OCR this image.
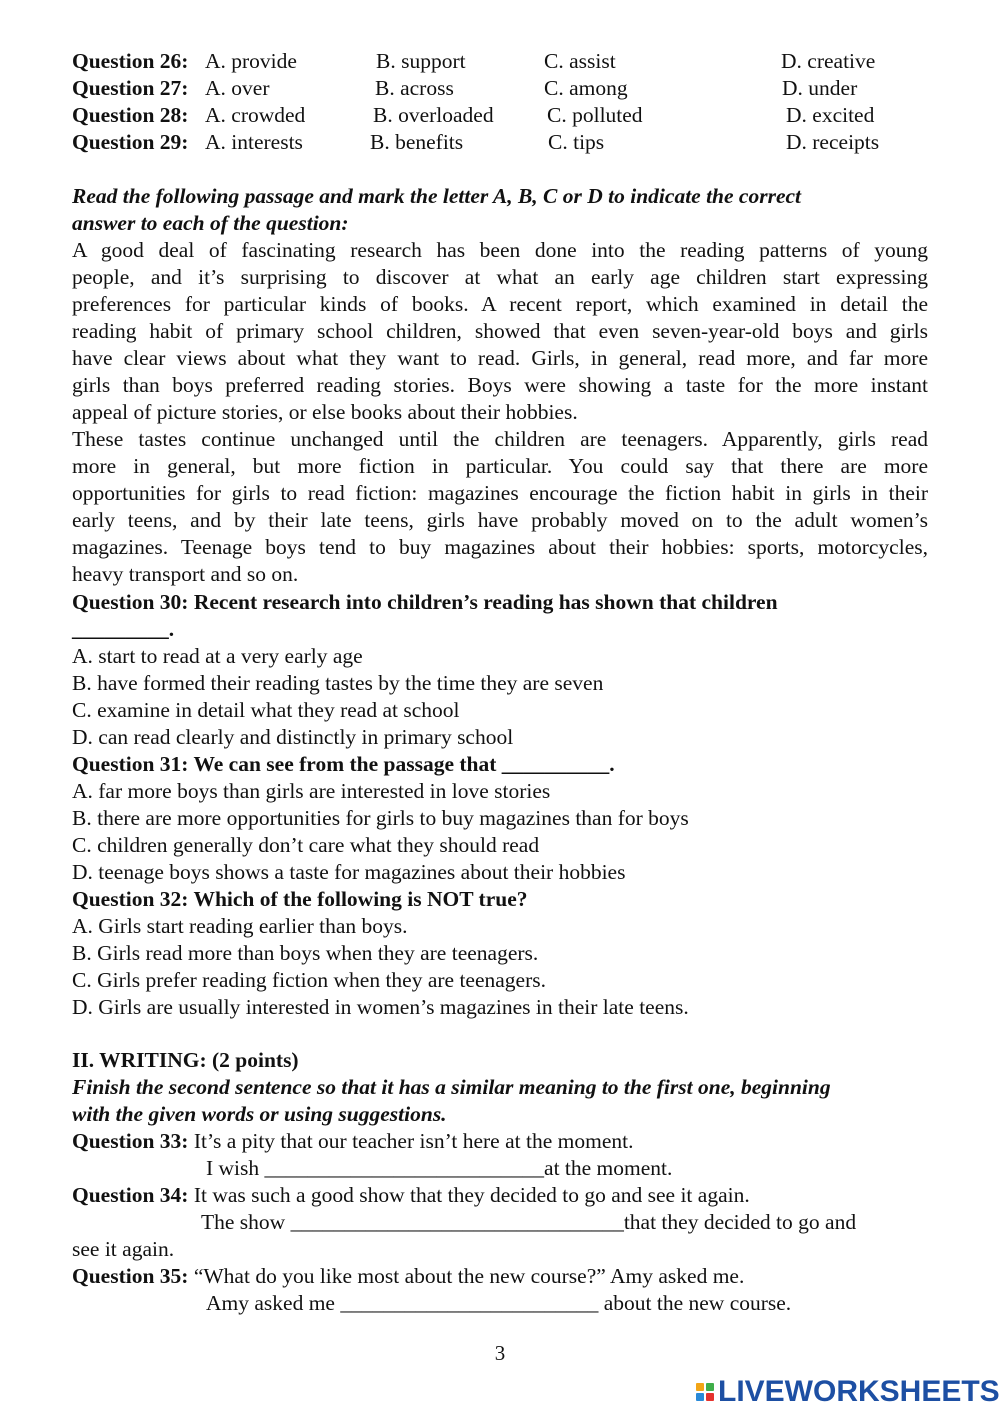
Question 26: A. provide	B. support	C. assist	D. creative
Question 27: A. over	B. across	C. among	D. under
Question 28: A. crowded	B. overloaded C. polluted	D. excited
Question 29: A. interests	B. benefits	C. tips	D. receipts
Read the following passage and mark the letter A, B, C or D to indicate the correct
answer to each of the question:
A good deal of fascinating research has been done into the reading patterns of young
people, and it’s surprising to discover at what an early age children start expressing
preferences for particular kinds of books. A recent report, which examined in detail the
reading habit of primary school children, showed that even seven-year-old boys and girls
have clear views about what they want to read. Girls, in general, read more, and far more
girls than boys preferred reading stories. Boys were showing a taste for the more instant
appeal of picture stories, or else books about their hobbies.
These tastes continue unchanged until the children are teenagers. Apparently, girls read
more in general, but more fiction in particular. You could say that there are more
opportunities for girls to read fiction: magazines encourage the fiction habit in girls in their
early teens, and by their late teens, girls have probably moved on to the adult women’s
magazines. Teenage boys tend to buy magazines about their hobbies: sports, motorcycles,
heavy transport and so on.
Question 30: Recent research into children’s reading has shown that children
_________.
A. start to read at a very early age
B. have formed their reading tastes by the time they are seven
C. examine in detail what they read at school
D. can read clearly and distinctly in primary school
Question 31: We can see from the passage that __________.
A. far more boys than girls are interested in love stories
B. there are more opportunities for girls to buy magazines than for boys
C. children generally don’t care what they should read
D. teenage boys shows a taste for magazines about their hobbies
Question 32: Which of the following is NOT true?
A. Girls start reading earlier than boys.
B. Girls read more than boys when they are teenagers.
C. Girls prefer reading fiction when they are teenagers.
D. Girls are usually interested in women’s magazines in their late teens.
II. WRITING: (2 points)
Finish the second sentence so that it has a similar meaning to the first one, beginning
with the given words or using suggestions.
Question 33: It’s a pity that our teacher isn’t here at the moment.
I wish __________________________at the moment.
Question 34: It was such a good show that they decided to go and see it again.
The show _______________________________that they decided to go and
see it again.
Question 35: “What do you like most about the new course?” Amy asked me.
Amy asked me ________________________ about the new course.
3
LIVEWORKSHEETS
